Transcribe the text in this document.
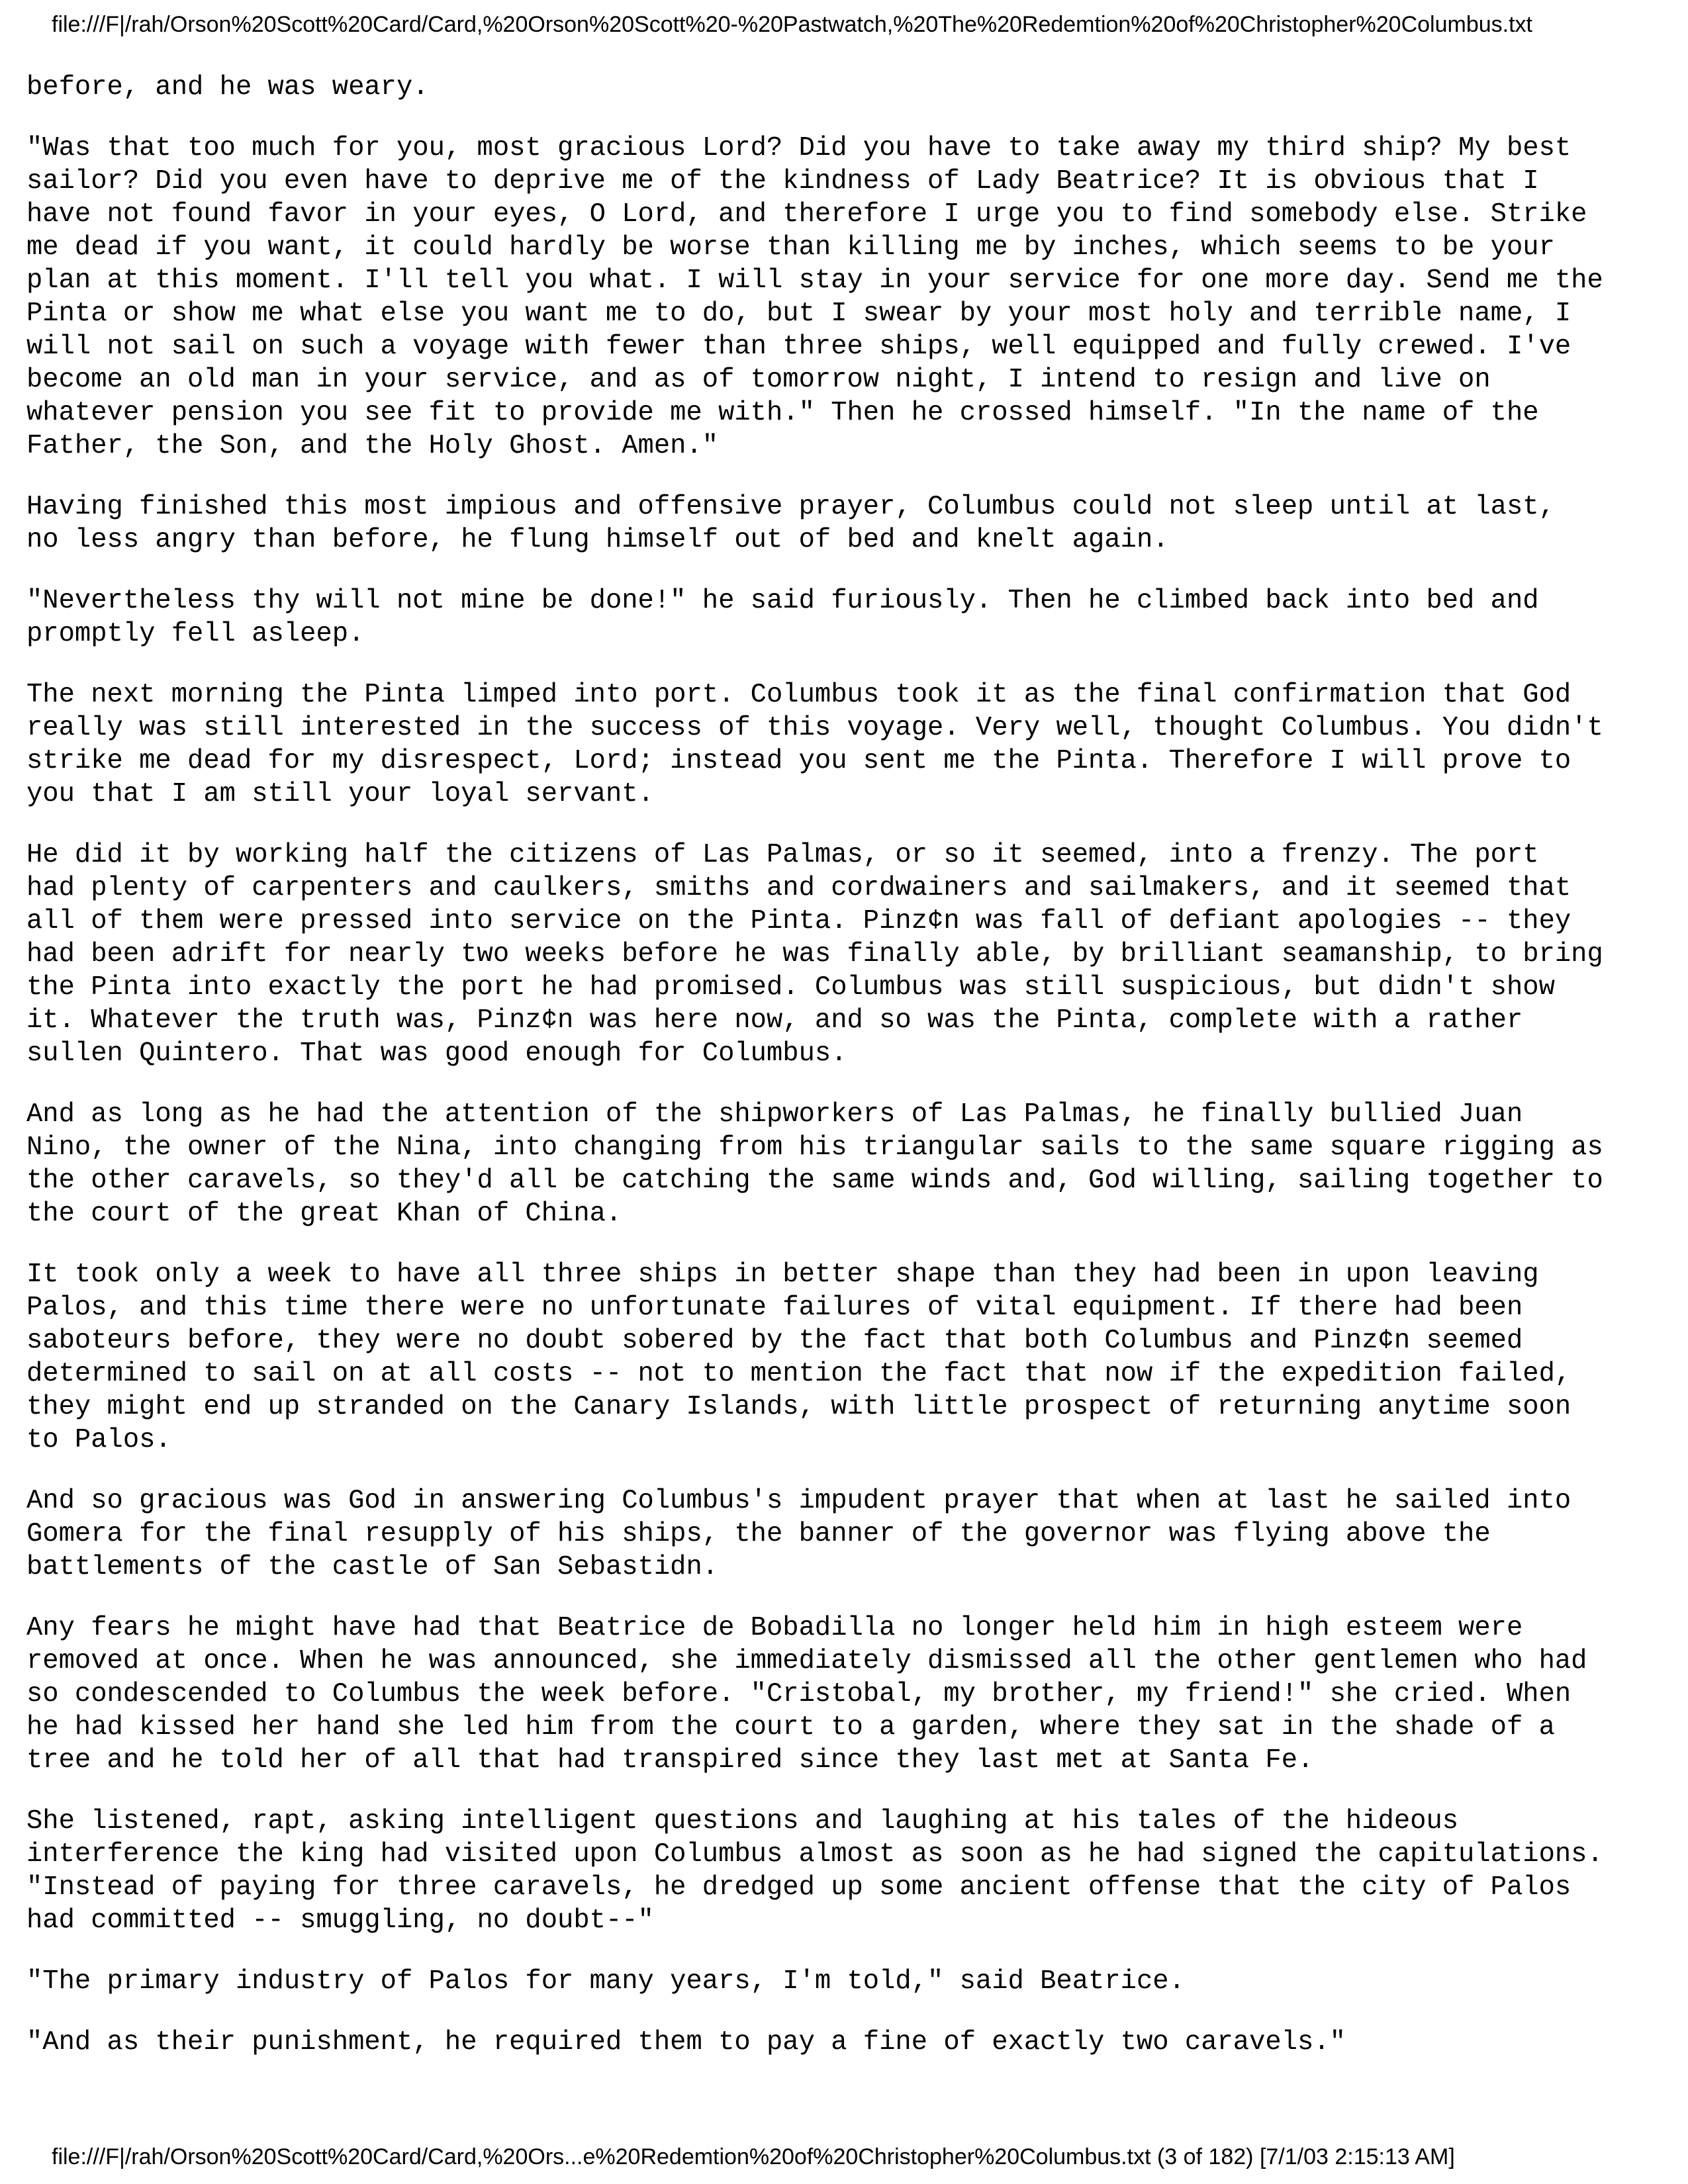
file:///F|/rah/Orson%20Scott%20Card/Card,%20Orson%20Scott%20-%20Pastwatch,%20The%20Redemtion%20of%20Christopher%20Columbus.txt

before, and he was weary.

"Was that too much for you, most gracious Lord? Did you have to take away my third ship? My best
sailor? Did you even have to deprive me of the kindness of Lady Beatrice? It is obvious that I
have not found favor in your eyes, O Lord, and therefore I urge you to find somebody else. Strike
me dead if you want, it could hardly be worse than killing me by inches, which seems to be your
plan at this moment. I'll tell you what. I will stay in your service for one more day. Send me the
Pinta or show me what else you want me to do, but I swear by your most holy and terrible name, I
will not sail on such a voyage with fewer than three ships, well equipped and fully crewed. I've
become an old man in your service, and as of tomorrow night, I intend to resign and live on
whatever pension you see fit to provide me with." Then he crossed himself. "In the name of the
Father, the Son, and the Holy Ghost. Amen."

Having finished this most impious and offensive prayer, Columbus could not sleep until at last,
no less angry than before, he flung himself out of bed and knelt again.

"Nevertheless thy will not mine be done!" he said furiously. Then he climbed back into bed and
promptly fell asleep.

The next morning the Pinta limped into port. Columbus took it as the final confirmation that God
really was still interested in the success of this voyage. Very well, thought Columbus. You didn't
strike me dead for my disrespect, Lord; instead you sent me the Pinta. Therefore I will prove to
you that I am still your loyal servant.

He did it by working half the citizens of Las Palmas, or so it seemed, into a frenzy. The port
had plenty of carpenters and caulkers, smiths and cordwainers and sailmakers, and it seemed that
all of them were pressed into service on the Pinta. Pinz¢n was fall of defiant apologies -- they
had been adrift for nearly two weeks before he was finally able, by brilliant seamanship, to bring
the Pinta into exactly the port he had promised. Columbus was still suspicious, but didn't show
it. Whatever the truth was, Pinz¢n was here now, and so was the Pinta, complete with a rather
sullen Quintero. That was good enough for Columbus.

And as long as he had the attention of the shipworkers of Las Palmas, he finally bullied Juan
Nino, the owner of the Nina, into changing from his triangular sails to the same square rigging as
the other caravels, so they'd all be catching the same winds and, God willing, sailing together to
the court of the great Khan of China.

It took only a week to have all three ships in better shape than they had been in upon leaving
Palos, and this time there were no unfortunate failures of vital equipment. If there had been
saboteurs before, they were no doubt sobered by the fact that both Columbus and Pinz¢n seemed
determined to sail on at all costs -- not to mention the fact that now if the expedition failed,
they might end up stranded on the Canary Islands, with little prospect of returning anytime soon
to Palos.

And so gracious was God in answering Columbus's impudent prayer that when at last he sailed into
Gomera for the final resupply of his ships, the banner of the governor was flying above the
battlements of the castle of San Sebastidn.

Any fears he might have had that Beatrice de Bobadilla no longer held him in high esteem were
removed at once. When he was announced, she immediately dismissed all the other gentlemen who had
so condescended to Columbus the week before. "Cristobal, my brother, my friend!" she cried. When
he had kissed her hand she led him from the court to a garden, where they sat in the shade of a
tree and he told her of all that had transpired since they last met at Santa Fe.

She listened, rapt, asking intelligent questions and laughing at his tales of the hideous
interference the king had visited upon Columbus almost as soon as he had signed the capitulations.
"Instead of paying for three caravels, he dredged up some ancient offense that the city of Palos
had committed -- smuggling, no doubt--"

"The primary industry of Palos for many years, I'm told," said Beatrice.

"And as their punishment, he required them to pay a fine of exactly two caravels."

file:///F|/rah/Orson%20Scott%20Card/Card,%20Ors...e%20Redemtion%20of%20Christopher%20Columbus.txt (3 of 182) [7/1/03 2:15:13 AM]
